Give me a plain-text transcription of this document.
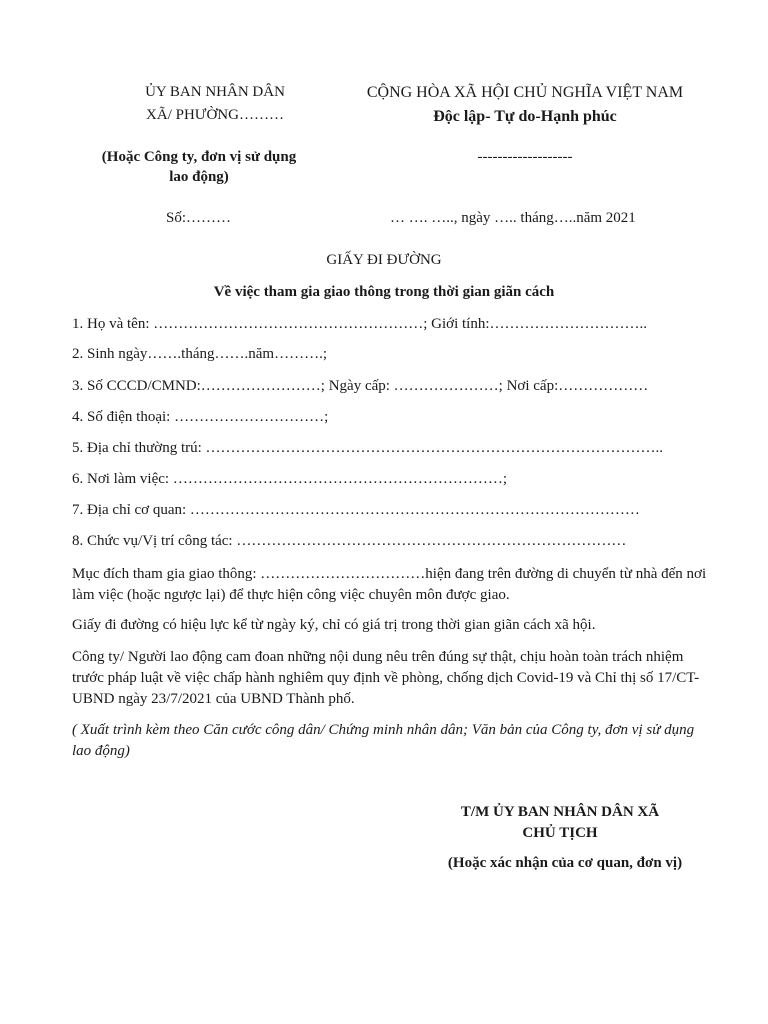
ỦY BAN NHÂN DÂN
XÃ/ PHƯỜNG………
(Hoặc Công ty, đơn vị sử dụng
lao động)
CỘNG HÒA XÃ HỘI CHỦ NGHĨA VIỆT NAM
Độc lập- Tự do-Hạnh phúc
-------------------
Số:………	… …. ….., ngày ….. tháng…..năm 2021
GIẤY ĐI ĐƯỜNG
Về việc tham gia giao thông trong thời gian giãn cách
1. Họ và tên: ………………………………………………; Giới tính:…………………………..
2. Sinh ngày…….tháng…….năm……….;
3. Số CCCD/CMND:……………………; Ngày cấp: …………………; Nơi cấp:………………
4. Số điện thoại: …………………………;
5. Địa chỉ thường trú: ………………………………………………………………………………..
6. Nơi làm việc: …………………………………………………………;
7. Địa chỉ cơ quan: ………………………………………………………………………………
8. Chức vụ/Vị trí công tác: ……………………………………………………………………
Mục đích tham gia giao thông: ……………………………hiện đang trên đường di chuyển từ nhà đến nơi làm việc (hoặc ngược lại) để thực hiện công việc chuyên môn được giao.
Giấy đi đường có hiệu lực kể từ ngày ký, chỉ có giá trị trong thời gian giãn cách xã hội.
Công ty/ Người lao động cam đoan những nội dung nêu trên đúng sự thật, chịu hoàn toàn trách nhiệm trước pháp luật về việc chấp hành nghiêm quy định về phòng, chống dịch Covid-19 và Chỉ thị số 17/CT-UBND ngày 23/7/2021 của UBND Thành phố.
( Xuất trình kèm theo Căn cước công dân/ Chứng minh nhân dân; Văn bản của Công ty, đơn vị sử dụng lao động)
T/M ỦY BAN NHÂN DÂN XÃ
CHỦ TỊCH
(Hoặc xác nhận của cơ quan, đơn vị)
